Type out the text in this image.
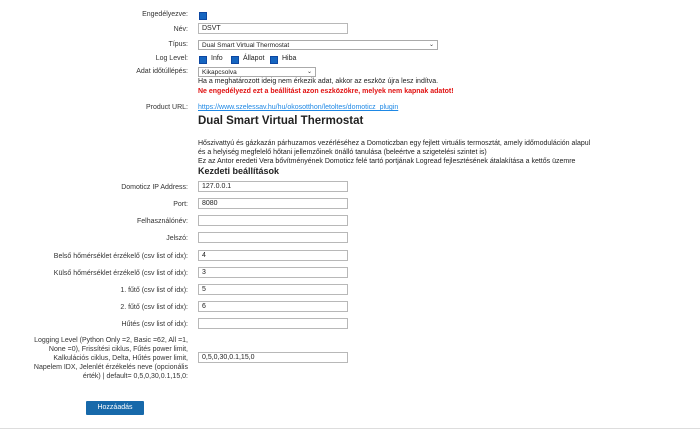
Engedélyezve:
Név:
DSVT
Típus:	Dual Smart Virtual Thermostat	⌄
Log Level:	Info	Állapot	Hiba
Adat időtúllépés:	Kikapcsolva	⌄
Ha a meghatározott ideig nem érkezik adat, akkor az eszköz újra lesz indítva.
Ne engedélyezd ezt a beállítást azon eszközökre, melyek nem kapnak adatot!
Product URL: https://www.szelessav.hu/hu/okosotthon/letoltes/domoticz_plugin
Dual Smart Virtual Thermostat
Hőszivattyú és gázkazán párhuzamos vezérléséhez a Domoticzban egy fejlett virtuális termosztát, amely időmoduláción alapul
és a helyiség megfelelő hőtani jellemzőinek önálló tanulása (beleértve a szigetelési szintet is)
Ez az Antor eredeti Vera bővítményének Domoticz felé tartó portjának Logread fejlesztésének átalakítása a kettős üzemre
Kezdeti beállítások
Domoticz IP Address:
127.0.0.1
Port:
8080
Felhasználónév:
Jelszó:
Belső hőmérséklet érzékelő (csv list of idx):
4
Külső hőmérséklet érzékelő (csv list of idx):
3
1. fűtő (csv list of idx):
5
2. fűtő (csv list of idx):
6
Hűtés (csv list of idx):
Logging Level (Python Only =2, Basic =62, All =1,
None =0), Frissítési ciklus, Fűtés power limit,
Kalkulációs ciklus, Delta, Hűtés power limit,
Napelem IDX, Jelenlét érzékelés neve (opcionális
érték) | default= 0,5,0,30,0.1,15,0:
0,5,0,30,0.1,15,0
Hozzáadás
